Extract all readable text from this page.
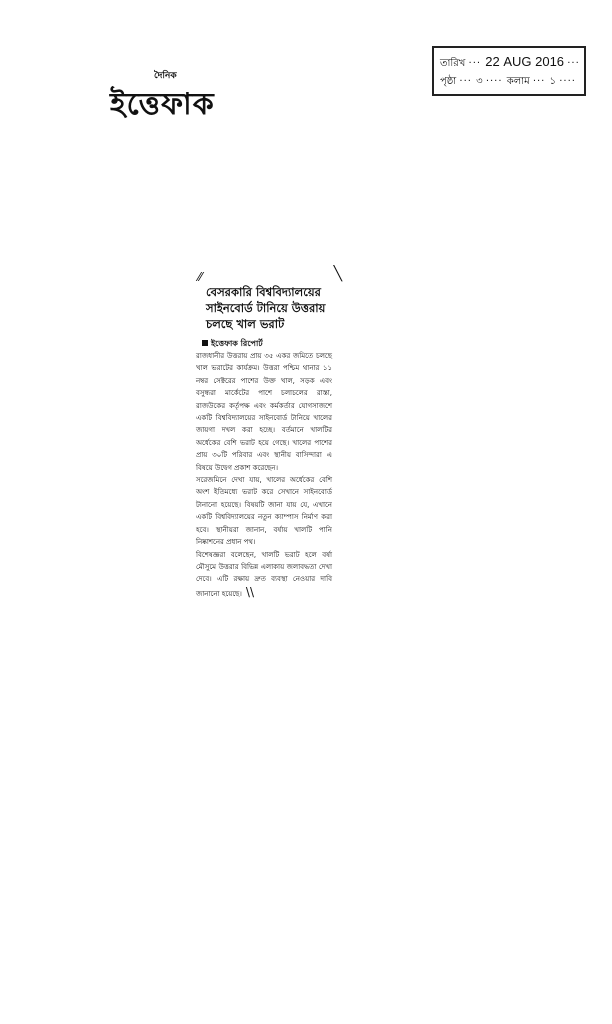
দৈনিক
ইত্তেফাক
তারিখ ··· 22 AUG 2016 ···
পৃষ্ঠা ··· ৩ ···· কলাম ··· ১ ····
⁄⁄	╲
বেসরকারি বিশ্ববিদ্যালয়ের সাইনবোর্ড টানিয়ে উত্তরায় চলছে খাল ভরাট
ইত্তেফাক রিপোর্ট

রাজধানীর উত্তরায় প্রায় ৩৫ একর জমিতে চলছে খাল ভরাটের কার্যক্রম। উত্তরা পশ্চিম থানার ১১ নম্বর সেক্টরের পাশের উক্ত খাল, সড়ক এবং বসুন্ধরা মার্কেটের পাশে চলাচলের রাস্তা, রাজউকের কর্তৃপক্ষ এবং কর্মকর্তার যোগসাজশে একটি বিশ্ববিদ্যালয়ের সাইনবোর্ড টানিয়ে খালের জায়গা দখল করা হচ্ছে। বর্তমানে খালটির অর্ধেকের বেশি ভরাট হয়ে গেছে। খালের পাশের প্রায় ৩০টি পরিবার এবং স্থানীয় বাসিন্দারা এ বিষয়ে উদ্বেগ প্রকাশ করেছেন।

সরেজমিনে দেখা যায়, খালের অর্ধেকের বেশি অংশ ইতিমধ্যে ভরাট করে সেখানে সাইনবোর্ড টানানো হয়েছে। বিষয়টি জানা যায় যে, এখানে একটি বিশ্ববিদ্যালয়ের নতুন ক্যাম্পাস নির্মাণ করা হবে। স্থানীয়রা জানান, বর্ষায় খালটি পানি নিষ্কাশনের প্রধান পথ।

বিশেষজ্ঞরা বলেছেন, খালটি ভরাট হলে বর্ষা মৌসুমে উত্তরার বিভিন্ন এলাকায় জলাবদ্ধতা দেখা দেবে। এটি রক্ষায় দ্রুত ব্যবস্থা নেওয়ার দাবি জানানো হয়েছে। \\
